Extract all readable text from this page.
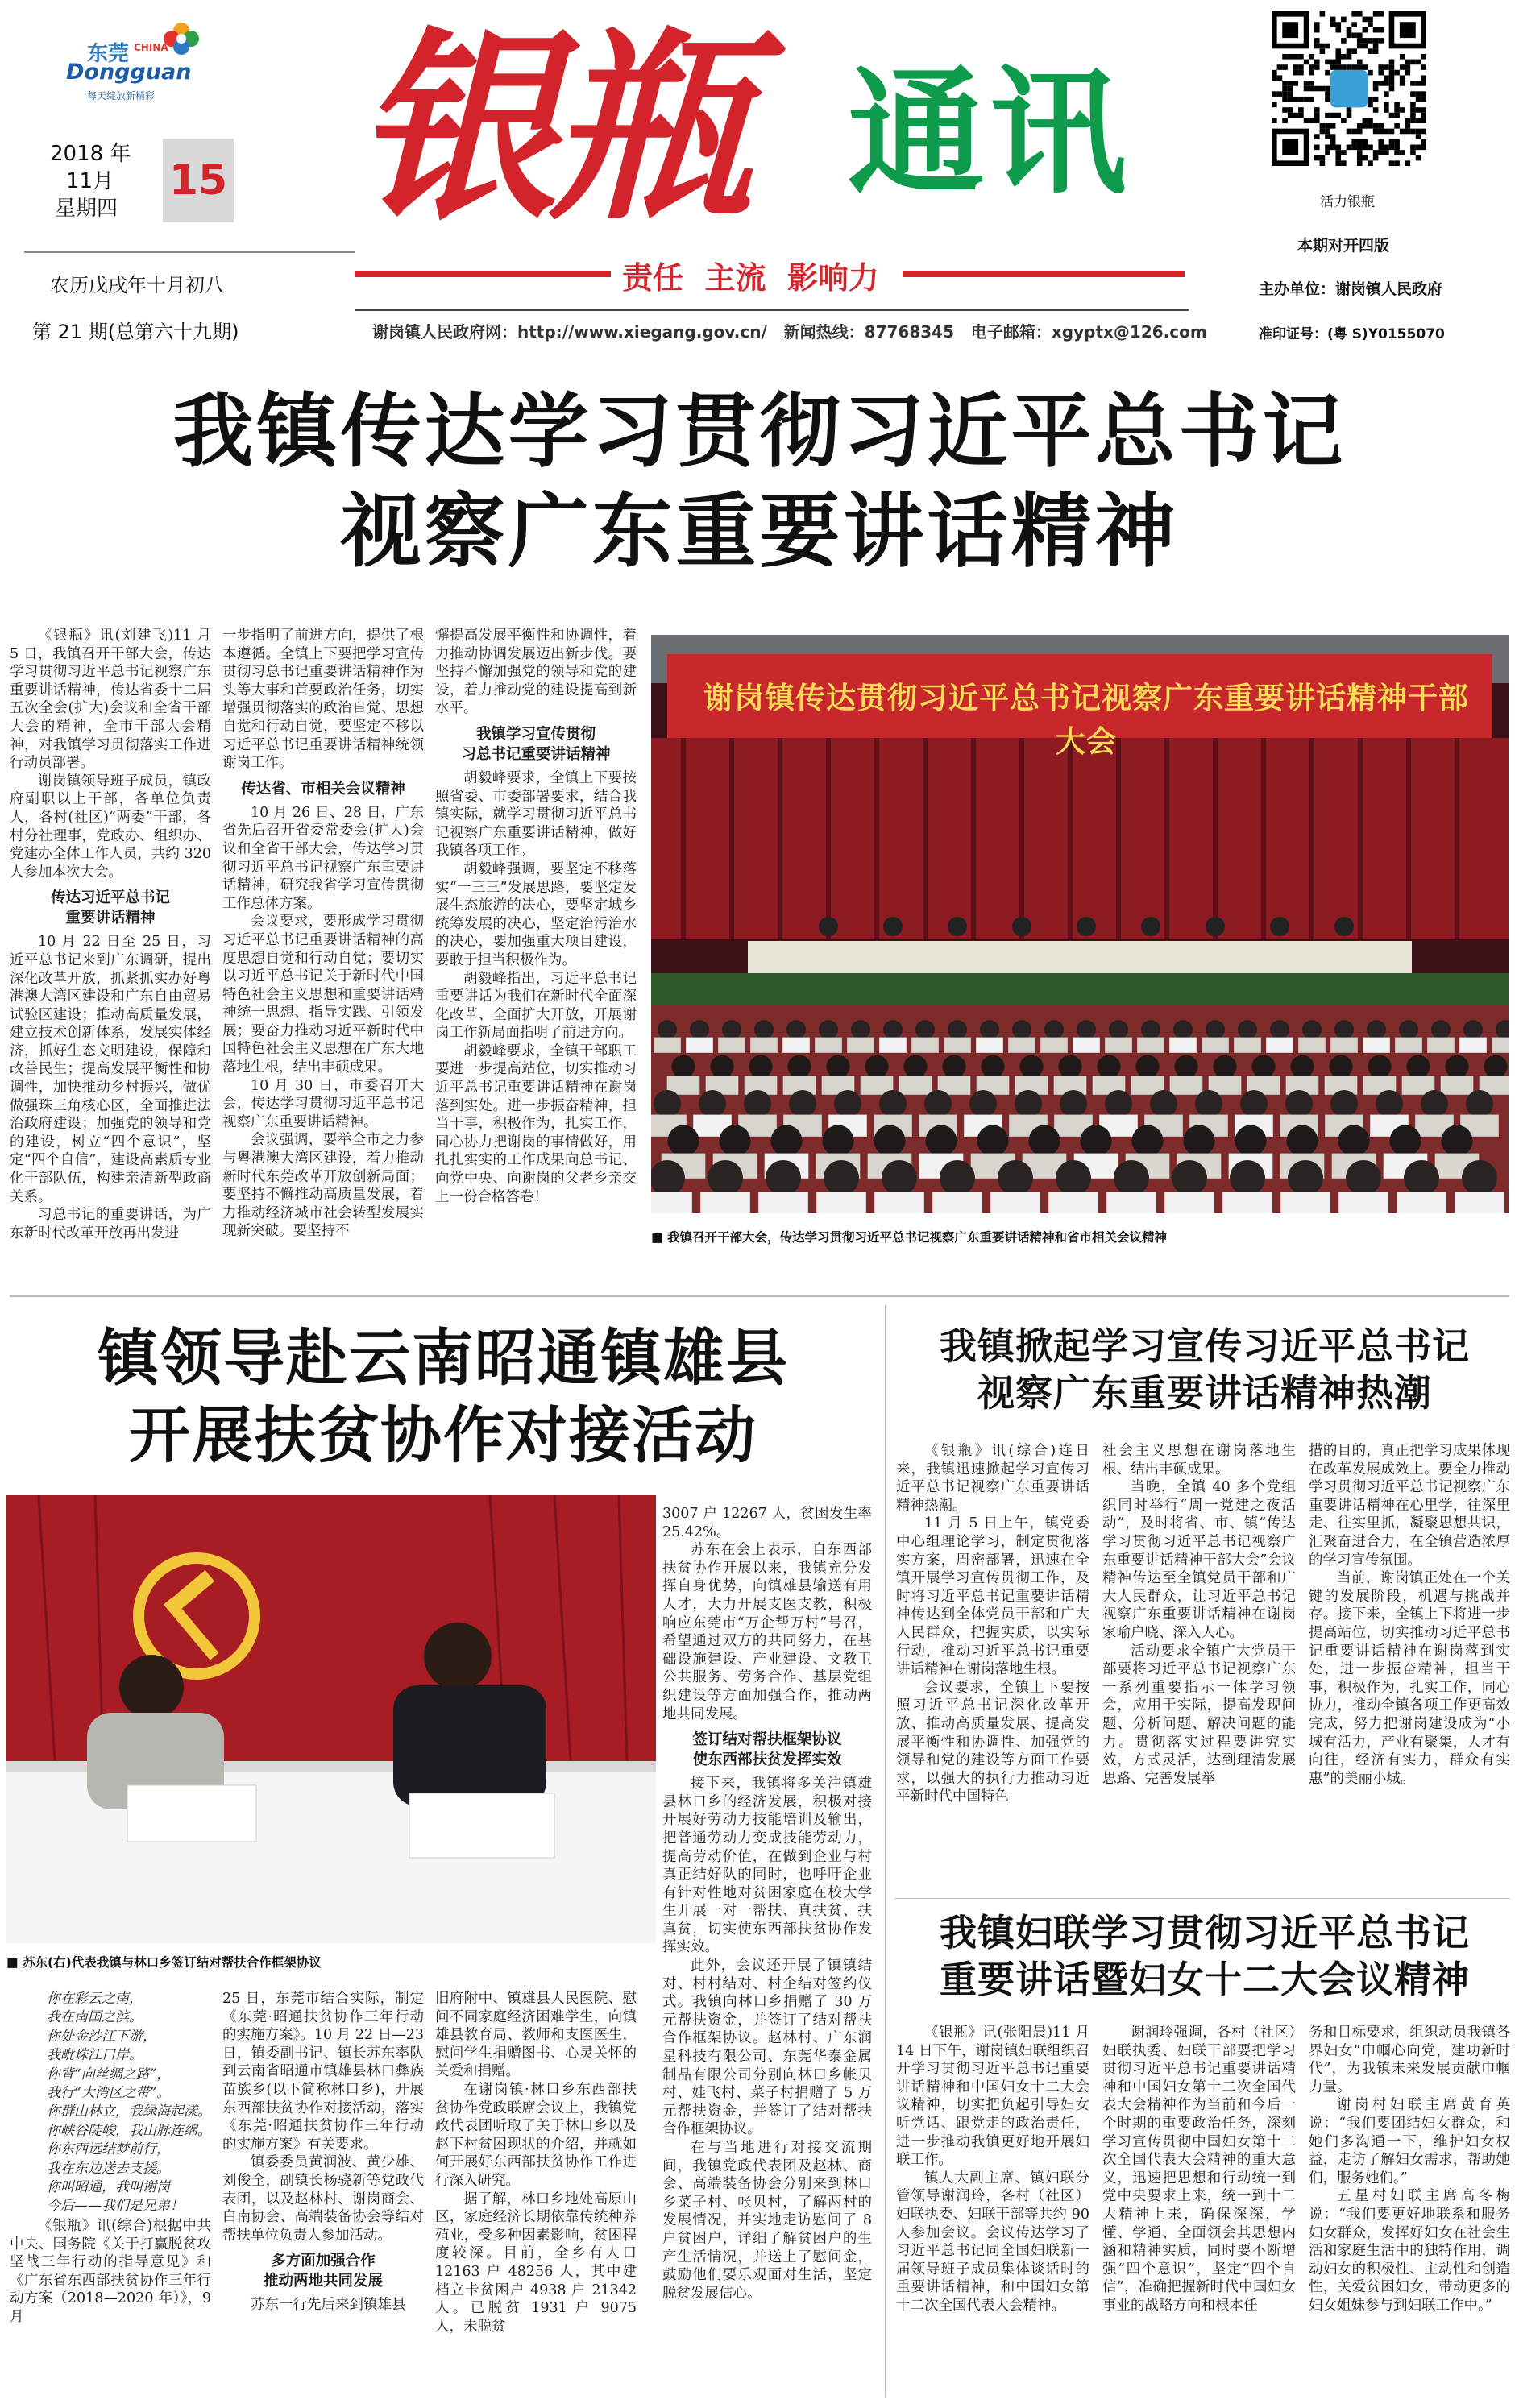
东莞 CHINA
Dongguan
每天绽放新精彩
2018 年
11月
星期四
15
农历戊戌年十月初八
第 21 期(总第六十九期)
银瓶 通讯
责任  主流  影响力
谢岗镇人民政府网：http://www.xiegang.gov.cn/   新闻热线：87768345   电子邮箱：xgyptx@126.com
活力银瓶
本期对开四版
主办单位：谢岗镇人民政府
准印证号：(粤 S)Y0155070
我镇传达学习贯彻习近平总书记
视察广东重要讲话精神

《银瓶》讯(刘建飞)11 月 5 日，我镇召开干部大会，传达学习贯彻习近平总书记视察广东重要讲话精神，传达省委十二届五次全会(扩大)会议和全省干部大会的精神，全市干部大会精神，对我镇学习贯彻落实工作进行动员部署。

谢岗镇领导班子成员，镇政府副职以上干部，各单位负责人，各村(社区)“两委”干部，各村分社理事，党政办、组织办、党建办全体工作人员，共约 320 人参加本次大会。

传达习近平总书记
重要讲话精神

10 月 22 日至 25 日，习近平总书记来到广东调研，提出深化改革开放，抓紧抓实办好粤港澳大湾区建设和广东自由贸易试验区建设；推动高质量发展，建立技术创新体系，发展实体经济，抓好生态文明建设，保障和改善民生；提高发展平衡性和协调性，加快推动乡村振兴，做优做强珠三角核心区，全面推进法治政府建设；加强党的领导和党的建设，树立“四个意识”，坚定“四个自信”，建设高素质专业化干部队伍，构建亲清新型政商关系。

习总书记的重要讲话，为广东新时代改革开放再出发进

一步指明了前进方向，提供了根本遵循。全镇上下要把学习宣传贯彻习总书记重要讲话精神作为头等大事和首要政治任务，切实增强贯彻落实的政治自觉、思想自觉和行动自觉，要坚定不移以习近平总书记重要讲话精神统领谢岗工作。

传达省、市相关会议精神

10 月 26 日、28 日，广东省先后召开省委常委会(扩大)会议和全省干部大会，传达学习贯彻习近平总书记视察广东重要讲话精神，研究我省学习宣传贯彻工作总体方案。

会议要求，要形成学习贯彻习近平总书记重要讲话精神的高度思想自觉和行动自觉；要切实以习近平总书记关于新时代中国特色社会主义思想和重要讲话精神统一思想、指导实践、引领发展；要奋力推动习近平新时代中国特色社会主义思想在广东大地落地生根，结出丰硕成果。

10 月 30 日，市委召开大会，传达学习贯彻习近平总书记视察广东重要讲话精神。

会议强调，要举全市之力参与粤港澳大湾区建设，着力推动新时代东莞改革开放创新局面；要坚持不懈推动高质量发展，着力推动经济城市社会转型发展实现新突破。要坚持不

懈提高发展平衡性和协调性，着力推动协调发展迈出新步伐。要坚持不懈加强党的领导和党的建设，着力推动党的建设提高到新水平。

我镇学习宣传贯彻
习总书记重要讲话精神

胡毅峰要求，全镇上下要按照省委、市委部署要求，结合我镇实际，就学习贯彻习近平总书记视察广东重要讲话精神，做好我镇各项工作。

胡毅峰强调，要坚定不移落实“一三三”发展思路，要坚定发展生态旅游的决心，要坚定城乡统筹发展的决心，坚定治污治水的决心，要加强重大项目建设，要敢于担当积极作为。

胡毅峰指出，习近平总书记重要讲话为我们在新时代全面深化改革、全面扩大开放，开展谢岗工作新局面指明了前进方向。

胡毅峰要求，全镇干部职工要进一步提高站位，切实推动习近平总书记重要讲话精神在谢岗落到实处。进一步振奋精神，担当干事，积极作为，扎实工作，同心协力把谢岗的事情做好，用扎扎实实的工作成果向总书记、向党中央、向谢岗的父老乡亲交上一份合格答卷！

谢岗镇传达贯彻习近平总书记视察广东重要讲话精神干部大会
■ 我镇召开干部大会，传达学习贯彻习近平总书记视察广东重要讲话精神和省市相关会议精神
镇领导赴云南昭通镇雄县
开展扶贫协作对接活动
■ 苏东(右)代表我镇与林口乡签订结对帮扶合作框架协议
你在彩云之南，
我在南国之滨。
你处金沙江下游，
我毗珠江口岸。
你背“向丝绸之路”，
我行“大湾区之带”。
你群山林立，我绿海起漾。
你峡谷陡峻，我山脉连绵。
你东西远结梦前行，
我在东边送去支援。
你叫昭通，我叫谢岗
今后——我们是兄弟！

《银瓶》讯(综合)根据中共中央、国务院《关于打赢脱贫攻坚战三年行动的指导意见》和《广东省东西部扶贫协作三年行动方案（2018—2020 年）》，9 月

25 日，东莞市结合实际，制定《东莞·昭通扶贫协作三年行动的实施方案》。10 月 22 日—23 日，镇委副书记、镇长苏东率队到云南省昭通市镇雄县林口彝族苗族乡(以下简称林口乡)，开展东西部扶贫协作对接活动，落实《东莞·昭通扶贫协作三年行动的实施方案》有关要求。

镇委委员黄润波、黄少雄、刘俊全，副镇长杨骁新等党政代表团，以及赵林村、谢岗商会、白南协会、高端装备协会等结对帮扶单位负责人参加活动。

多方面加强合作
推动两地共同发展

苏东一行先后来到镇雄县

旧府附中、镇雄县人民医院、慰问不同家庭经济困难学生，向镇雄县教育局、教师和支医医生，慰问学生捐赠图书、心灵关怀的关爱和捐赠。

在谢岗镇·林口乡东西部扶贫协作党政联席会议上，我镇党政代表团听取了关于林口乡以及赵下村贫困现状的介绍，并就如何开展好东西部扶贫协作工作进行深入研究。

据了解，林口乡地处高原山区，家庭经济长期依靠传统种养殖业，受多种因素影响，贫困程度较深。目前，全乡有人口 12163 户 48256 人，其中建档立卡贫困户 4938 户 21342 人。已脱贫 1931 户 9075 人，未脱贫

3007 户 12267 人，贫困发生率 25.42%。

苏东在会上表示，自东西部扶贫协作开展以来，我镇充分发挥自身优势，向镇雄县输送有用人才，大力开展支医支教，积极响应东莞市“万企帮万村”号召，希望通过双方的共同努力，在基础设施建设、产业建设、文教卫公共服务、劳务合作、基层党组织建设等方面加强合作，推动两地共同发展。

签订结对帮扶框架协议
使东西部扶贫发挥实效

接下来，我镇将多关注镇雄县林口乡的经济发展，积极对接开展好劳动力技能培训及输出，把普通劳动力变成技能劳动力，提高劳动价值，在做到企业与村真正结好队的同时，也呼吁企业有针对性地对贫困家庭在校大学生开展一对一帮扶、真扶贫、扶真贫，切实使东西部扶贫协作发挥实效。

此外，会议还开展了镇镇结对、村村结对、村企结对签约仪式。我镇向林口乡捐赠了 30 万元帮扶资金，并签订了结对帮扶合作框架协议。赵林村、广东润星科技有限公司、东莞华泰金属制品有限公司分别向林口乡帐贝村、娃飞村、菜子村捐赠了 5 万元帮扶资金，并签订了结对帮扶合作框架协议。

在与当地进行对接交流期间，我镇党政代表团及赵林、商会、高端装备协会分别来到林口乡菜子村、帐贝村，了解两村的发展情况，并实地走访慰问了 8 户贫困户，详细了解贫困户的生产生活情况，并送上了慰问金，鼓励他们要乐观面对生活，坚定脱贫发展信心。

我镇掀起学习宣传习近平总书记
视察广东重要讲话精神热潮

《银瓶》讯(综合)连日来，我镇迅速掀起学习宣传习近平总书记视察广东重要讲话精神热潮。

11 月 5 日上午，镇党委中心组理论学习，制定贯彻落实方案，周密部署，迅速在全镇开展学习宣传贯彻工作，及时将习近平总书记重要讲话精神传达到全体党员干部和广大人民群众，把握实质，以实际行动，推动习近平总书记重要讲话精神在谢岗落地生根。

会议要求，全镇上下要按照习近平总书记深化改革开放、推动高质量发展、提高发展平衡性和协调性、加强党的领导和党的建设等方面工作要求，以强大的执行力推动习近平新时代中国特色

社会主义思想在谢岗落地生根、结出丰硕成果。

当晚，全镇 40 多个党组织同时举行“周一党建之夜活动”，及时将省、市、镇“传达学习贯彻习近平总书记视察广东重要讲话精神干部大会”会议精神传达至全镇党员干部和广大人民群众，让习近平总书记视察广东重要讲话精神在谢岗家喻户晓、深入人心。

活动要求全镇广大党员干部要将习近平总书记视察广东一系列重要指示一体学习领会，应用于实际，提高发现问题、分析问题、解决问题的能力。贯彻落实过程要讲究实效，方式灵活，达到理清发展思路、完善发展举

措的目的，真正把学习成果体现在改革发展成效上。要全力推动学习贯彻习近平总书记视察广东重要讲话精神在心里学，往深里走、往实里抓，凝聚思想共识，汇聚奋进合力，在全镇营造浓厚的学习宣传氛围。

当前，谢岗镇正处在一个关键的发展阶段，机遇与挑战并存。接下来，全镇上下将进一步提高站位，切实推动习近平总书记重要讲话精神在谢岗落到实处，进一步振奋精神，担当干事，积极作为，扎实工作，同心协力，推动全镇各项工作更高效完成，努力把谢岗建设成为“小城有活力，产业有聚集，人才有向往，经济有实力，群众有实惠”的美丽小城。

我镇妇联学习贯彻习近平总书记
重要讲话暨妇女十二大会议精神

《银瓶》讯(张阳晨)11 月 14 日下午，谢岗镇妇联组织召开学习贯彻习近平总书记重要讲话精神和中国妇女十二大会议精神，切实把负起引导妇女听党话、跟党走的政治责任，进一步推动我镇更好地开展妇联工作。

镇人大副主席、镇妇联分管领导谢润玲，各村（社区）妇联执委、妇联干部等共约 90 人参加会议。会议传达学习了习近平总书记同全国妇联新一届领导班子成员集体谈话时的重要讲话精神，和中国妇女第十二次全国代表大会精神。

谢润玲强调，各村（社区）妇联执委、妇联干部要把学习贯彻习近平总书记重要讲话精神和中国妇女第十二次全国代表大会精神作为当前和今后一个时期的重要政治任务，深刻学习宣传贯彻中国妇女第十二次全国代表大会精神的重大意义，迅速把思想和行动统一到党中央要求上来，统一到十二大精神上来，确保深深，学懂、学通、全面领会其思想内涵和精神实质，同时要不断增强“四个意识”，坚定“四个自信”，准确把握新时代中国妇女事业的战略方向和根本任

务和目标要求，组织动员我镇各界妇女“巾帼心向党，建功新时代”，为我镇未来发展贡献巾帼力量。

谢岗村妇联主席黄育英说：“我们要团结妇女群众，和她们多沟通一下，维护妇女权益，走访了解妇女需求，帮助她们，服务她们。”

五星村妇联主席高冬梅说：“我们要更好地联系和服务妇女群众，发挥好妇女在社会生活和家庭生活中的独特作用，调动妇女的积极性、主动性和创造性，关爱贫困妇女，带动更多的妇女姐妹参与到妇联工作中。”
